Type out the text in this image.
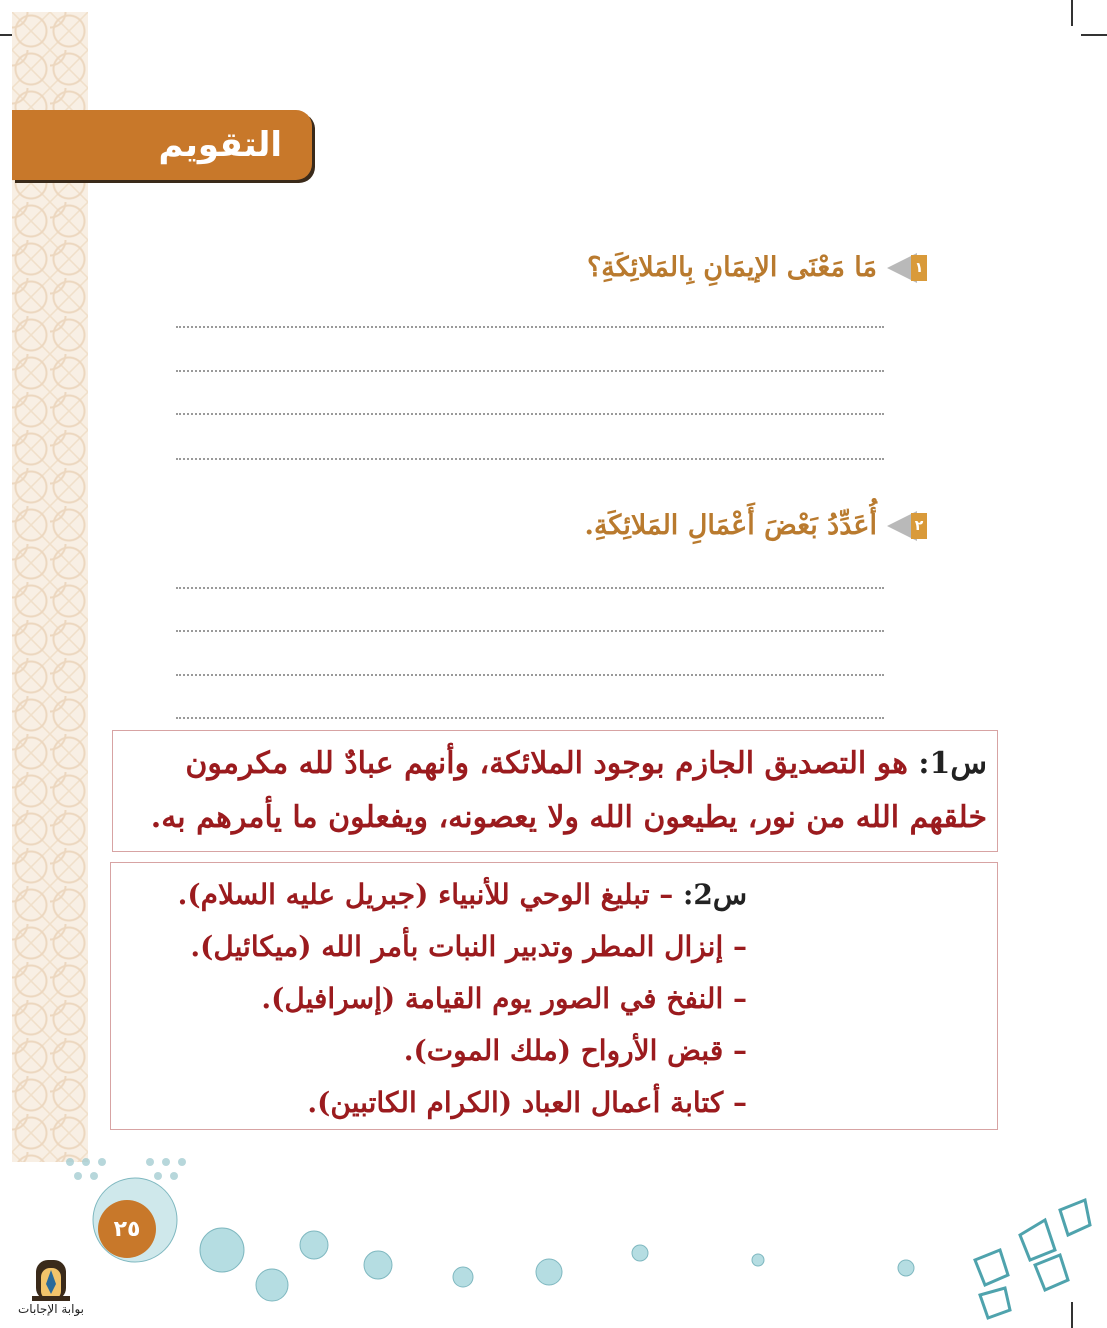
التقويم
١
مَا مَعْنَى الإيمَانِ بِالمَلائِكَةِ؟
٢
أُعَدِّدُ بَعْضَ أَعْمَالِ المَلائِكَةِ.
س1: هو التصديق الجازم بوجود الملائكة، وأنهم عبادٌ لله مكرمون
خلقهم الله من نور، يطيعون الله ولا يعصونه، ويفعلون ما يأمرهم به.
س2: – تبليغ الوحي للأنبياء (جبريل عليه السلام).
– إنزال المطر وتدبير النبات بأمر الله (ميكائيل).
– النفخ في الصور يوم القيامة (إسرافيل).
– قبض الأرواح (ملك الموت).
– كتابة أعمال العباد (الكرام الكاتبين).
٢٥
بوابة الإجابات
